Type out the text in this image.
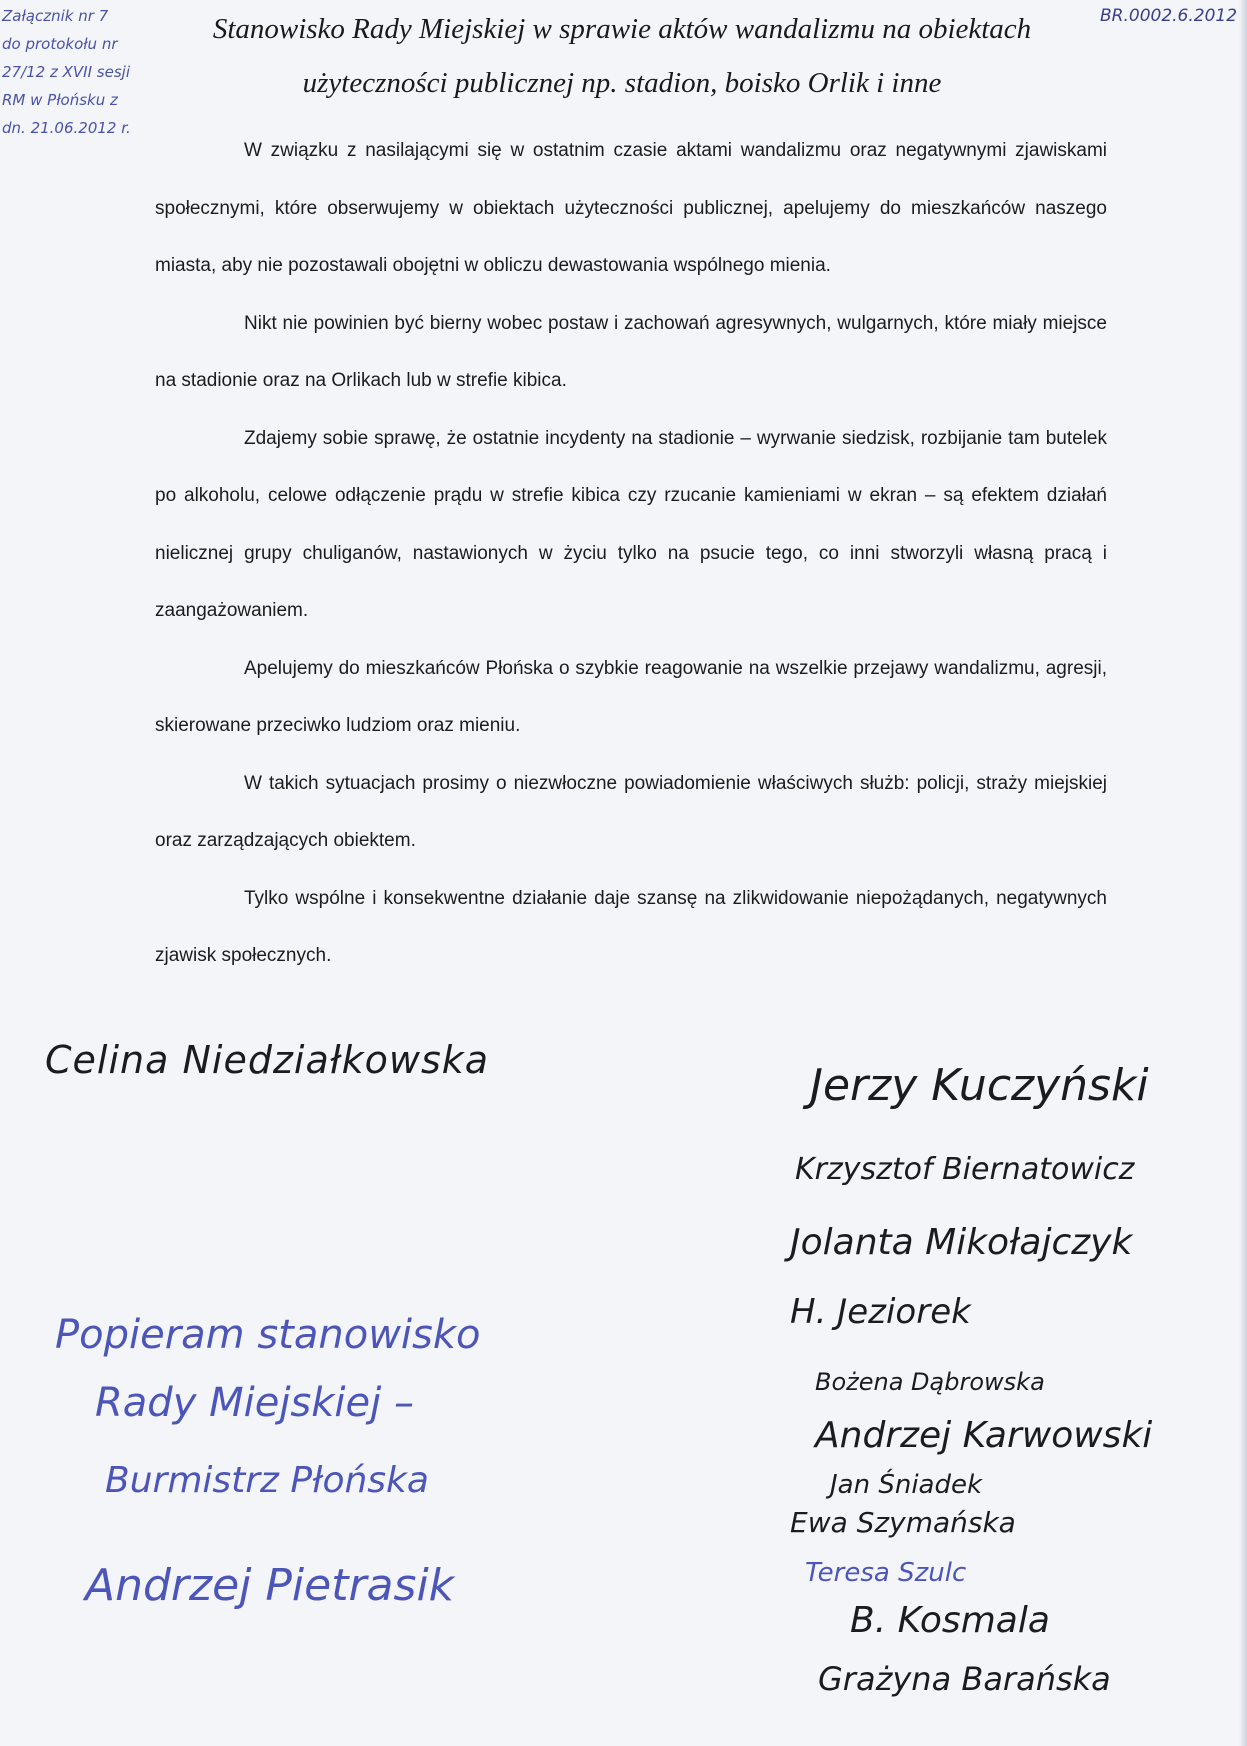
Załącznik nr 7
do protokołu nr
27/12 z XVII sesji
RM w Płońsku z
dn. 21.06.2012 r.
BR.0002.6.2012
Stanowisko Rady Miejskiej w sprawie aktów wandalizmu na obiektach
użyteczności publicznej np. stadion, boisko Orlik i inne

W związku z nasilającymi się w ostatnim czasie aktami wandalizmu oraz negatywnymi zjawiskami społecznymi, które obserwujemy w obiektach użyteczności publicznej, apelujemy do mieszkańców naszego miasta, aby nie pozostawali obojętni w obliczu dewastowania wspólnego mienia.

Nikt nie powinien być bierny wobec postaw i zachowań agresywnych, wulgarnych, które miały miejsce na stadionie oraz na Orlikach lub w strefie kibica.

Zdajemy sobie sprawę, że ostatnie incydenty na stadionie – wyrwanie siedzisk, rozbijanie tam butelek po alkoholu, celowe odłączenie prądu w strefie kibica czy rzucanie kamieniami w ekran – są efektem działań nielicznej grupy chuliganów, nastawionych w życiu tylko na psucie tego, co inni stworzyli własną pracą i zaangażowaniem.

Apelujemy do mieszkańców Płońska o szybkie reagowanie na wszelkie przejawy wandalizmu, agresji, skierowane przeciwko ludziom oraz mieniu.

W takich sytuacjach prosimy o niezwłoczne powiadomienie właściwych służb: policji, straży miejskiej oraz zarządzających obiektem.

Tylko wspólne i konsekwentne działanie daje szansę na zlikwidowanie niepożądanych, negatywnych zjawisk społecznych.

Celina Niedziałkowska
Popieram stanowisko
Rady Miejskiej –
Burmistrz Płońska
Andrzej Pietrasik
Jerzy Kuczyński
Krzysztof Biernatowicz
Jolanta Mikołajczyk
H. Jeziorek
Bożena Dąbrowska
Andrzej Karwowski
Jan Śniadek
Ewa Szymańska
Teresa Szulc
B. Kosmala
Grażyna Barańska
